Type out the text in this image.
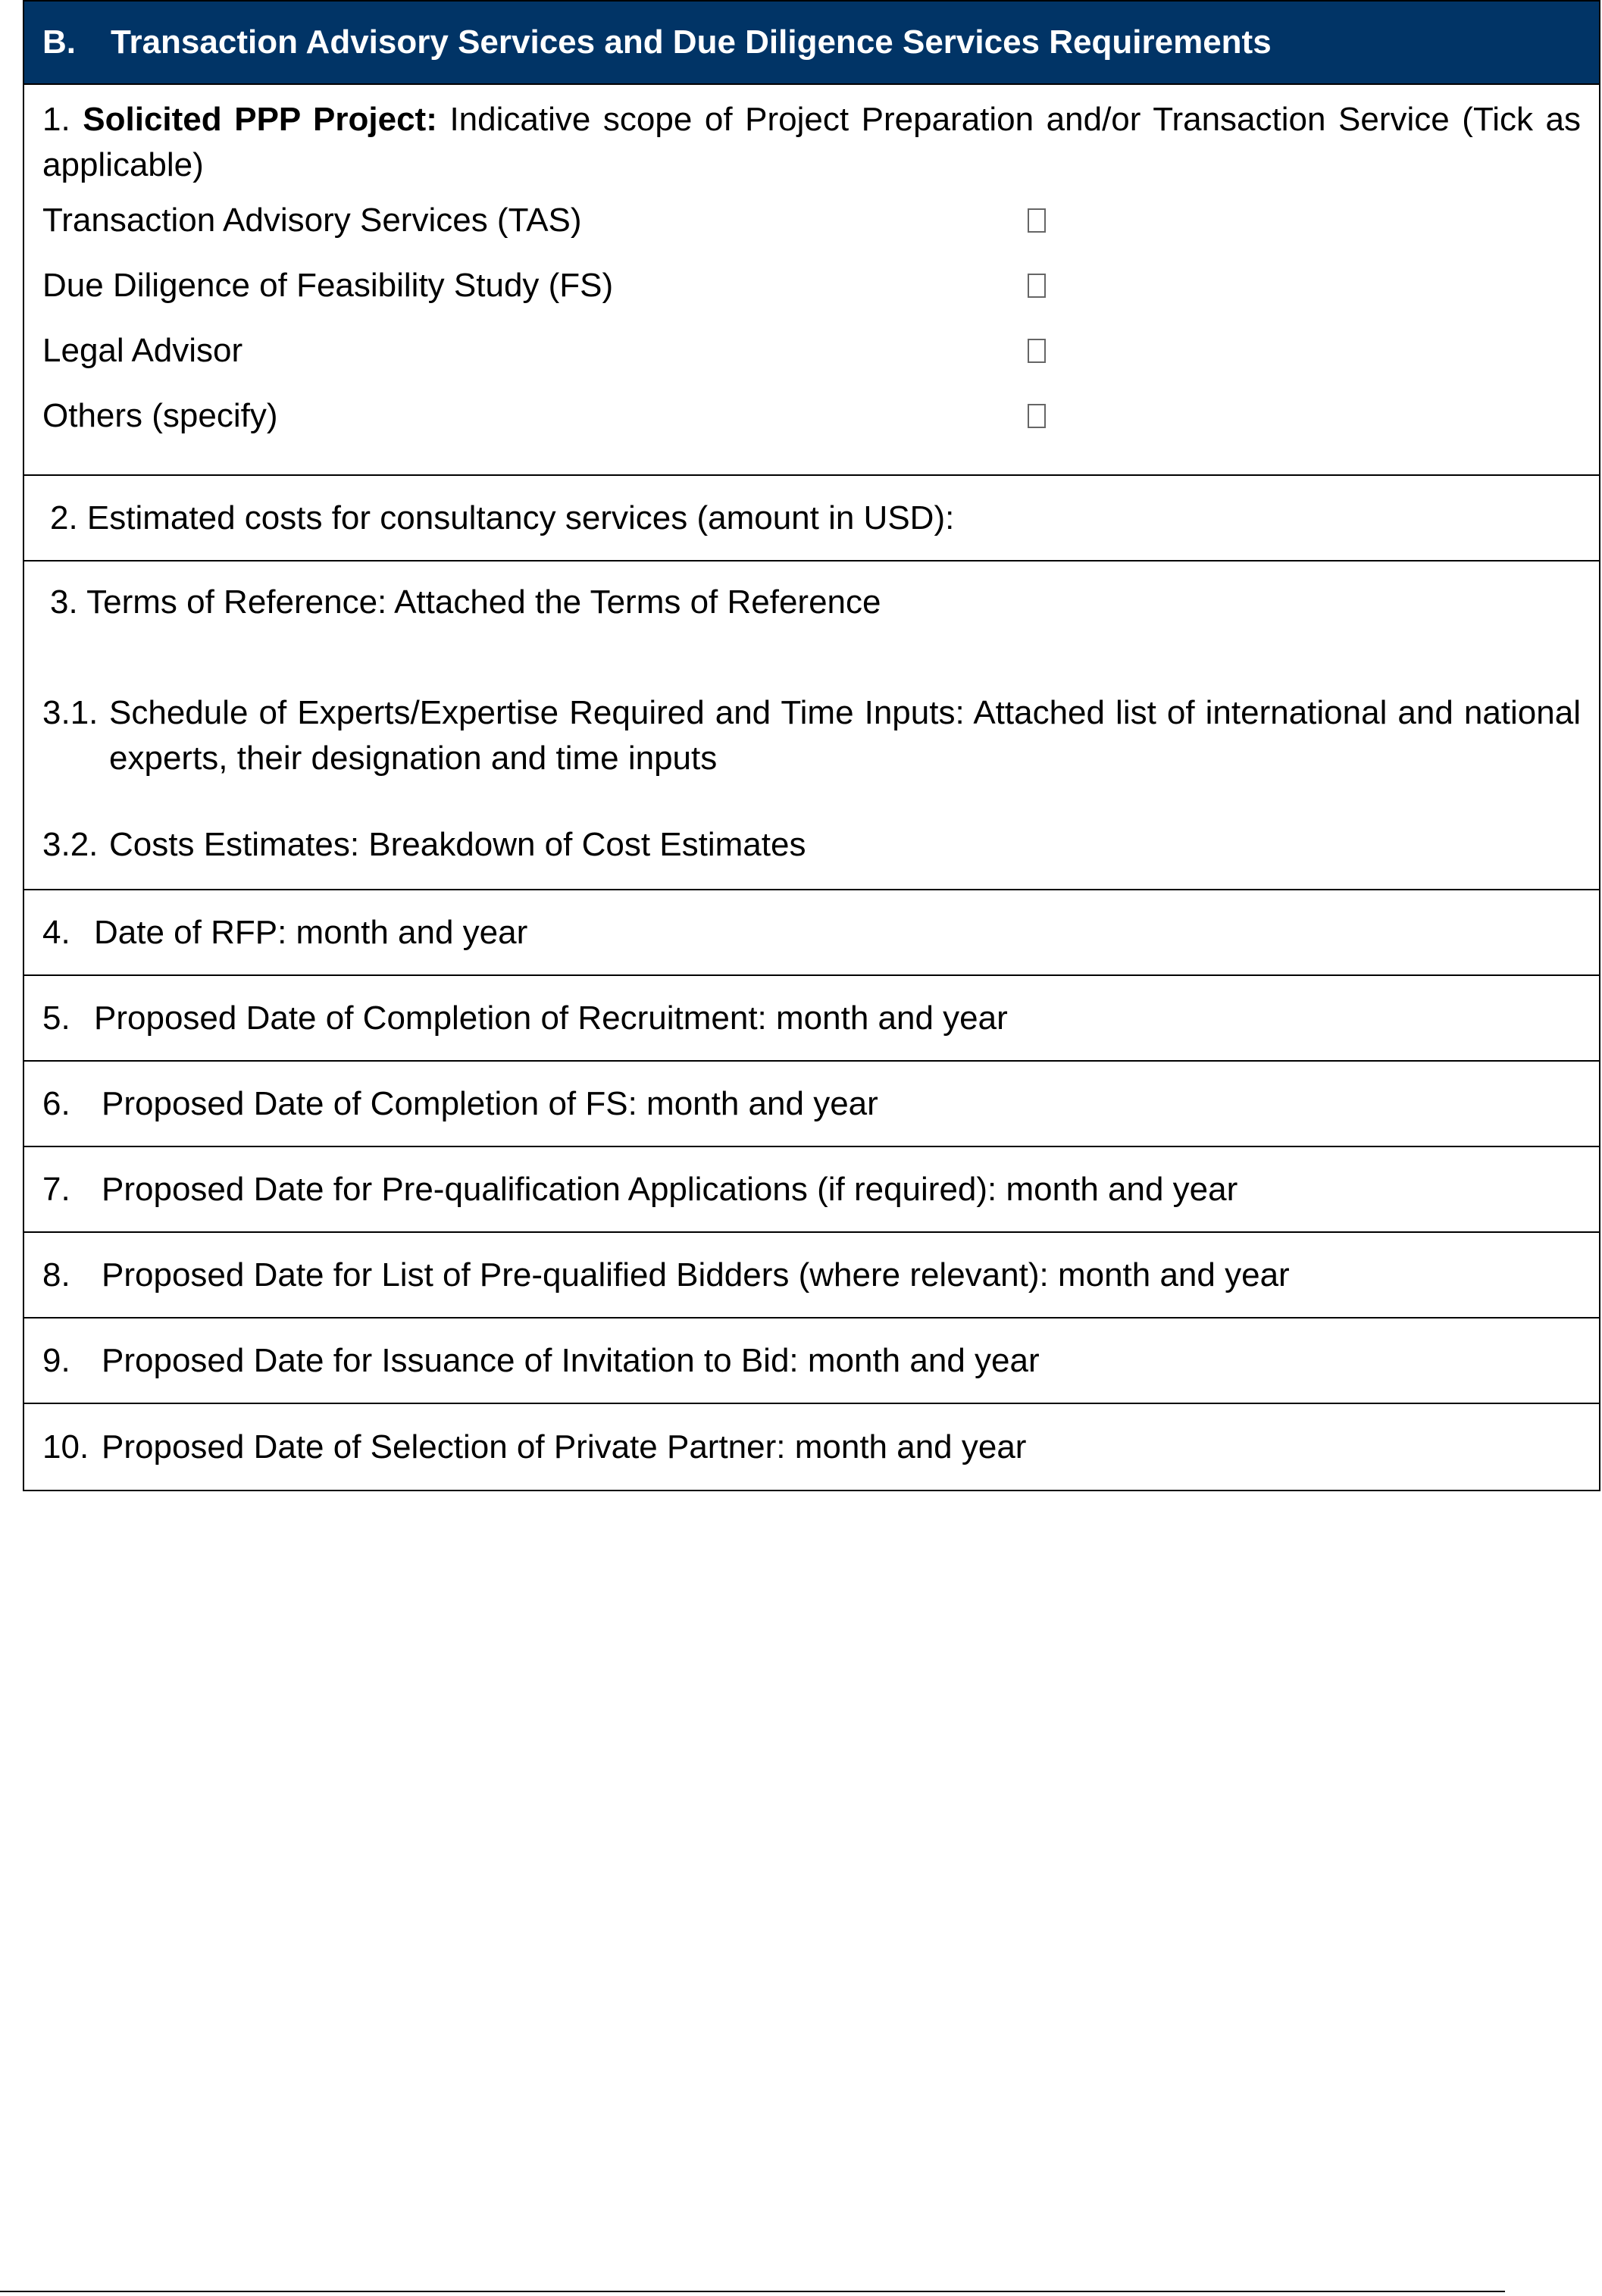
B.	Transaction Advisory Services and Due Diligence Services Requirements
1. Solicited PPP Project: Indicative scope of Project Preparation and/or Transaction Service (Tick as applicable)
Transaction Advisory Services (TAS)
Due Diligence of Feasibility Study (FS)
Legal Advisor
Others (specify)
2. Estimated costs for consultancy services (amount in USD):
3. Terms of Reference: Attached the Terms of Reference
3.1. Schedule of Experts/Expertise Required and Time Inputs: Attached list of international and national experts, their designation and time inputs
3.2. Costs Estimates: Breakdown of Cost Estimates
4. Date of RFP: month and year
5. Proposed Date of Completion of Recruitment: month and year
6. Proposed Date of Completion of FS: month and year
7. Proposed Date for Pre-qualification Applications (if required): month and year
8. Proposed Date for List of Pre-qualified Bidders (where relevant): month and year
9. Proposed Date for Issuance of Invitation to Bid: month and year
10. Proposed Date of Selection of Private Partner: month and year
